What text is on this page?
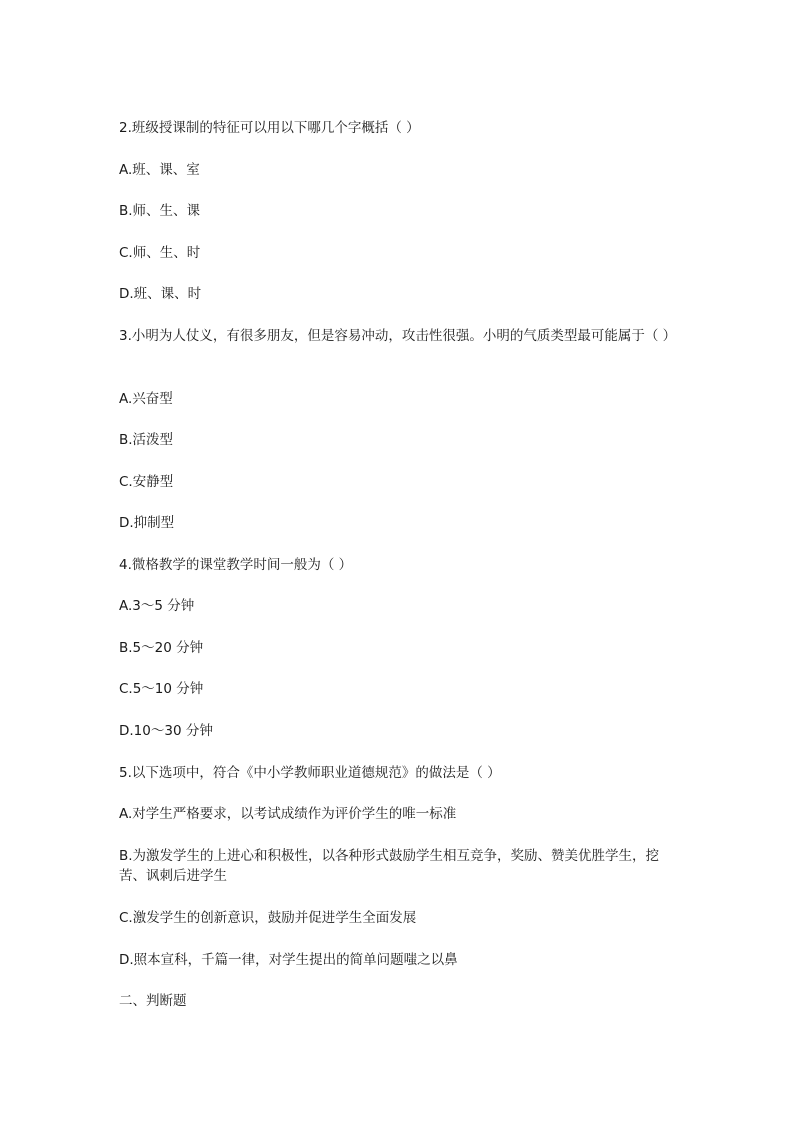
2.班级授课制的特征可以用以下哪几个字概括（ ）
A.班、课、室
B.师、生、课
C.师、生、时
D.班、课、时
3.小明为人仗义，有很多朋友，但是容易冲动，攻击性很强。小明的气质类型最可能属于（ ）
A.兴奋型
B.活泼型
C.安静型
D.抑制型
4.微格教学的课堂教学时间一般为（ ）
A.3～5 分钟
B.5～20 分钟
C.5～10 分钟
D.10～30 分钟
5.以下选项中，符合《中小学教师职业道德规范》的做法是（ ）
A.对学生严格要求，以考试成绩作为评价学生的唯一标准
B.为激发学生的上进心和积极性，以各种形式鼓励学生相互竞争，奖励、赞美优胜学生，挖苦、讽刺后进学生
C.激发学生的创新意识，鼓励并促进学生全面发展
D.照本宣科，千篇一律，对学生提出的简单问题嗤之以鼻
二、判断题
